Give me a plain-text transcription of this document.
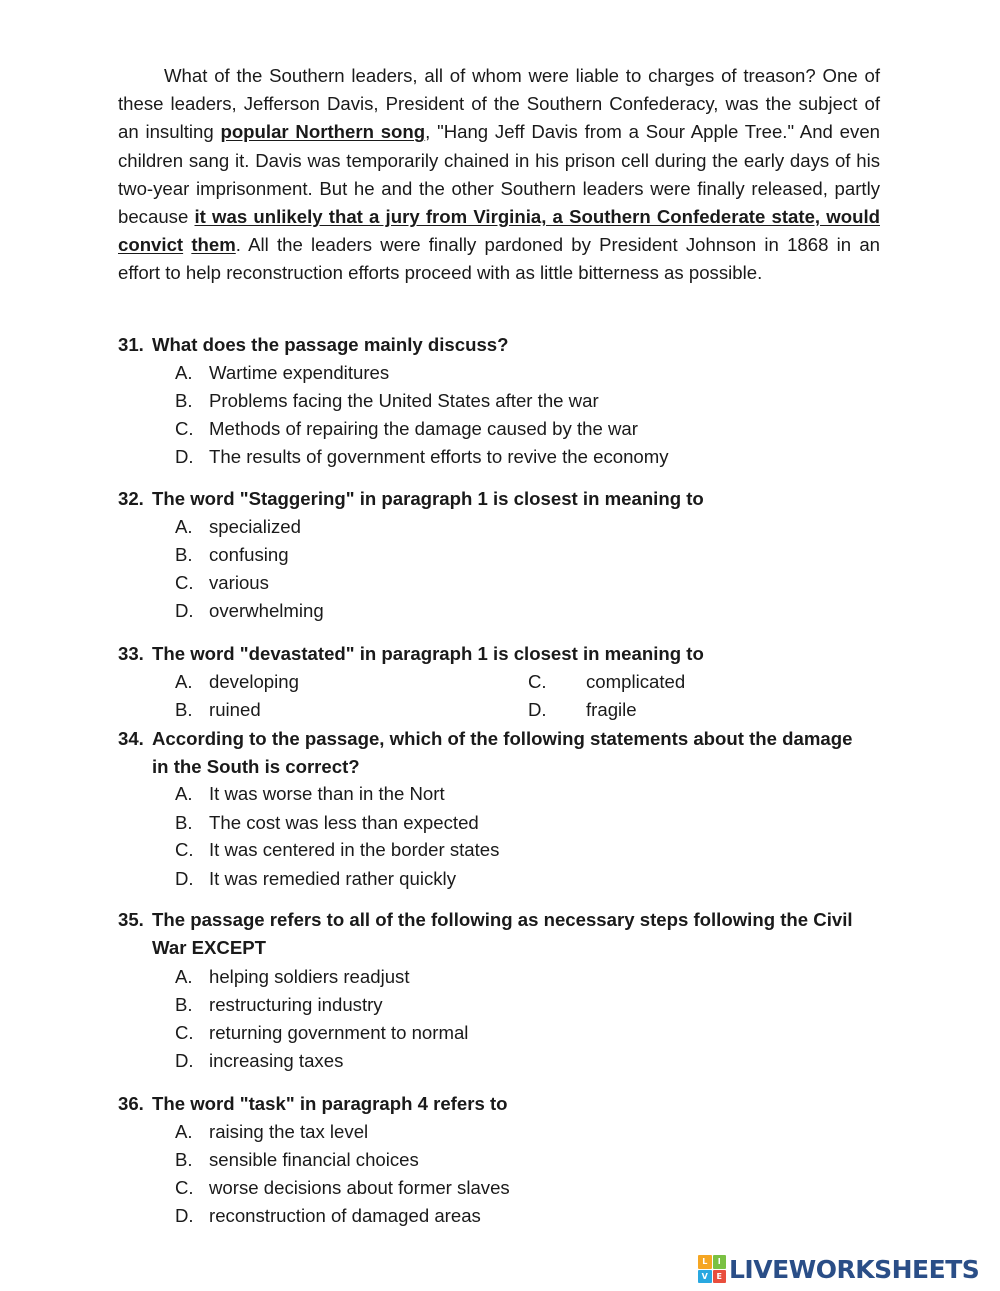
What of the Southern leaders, all of whom were liable to charges of treason? One of these leaders, Jefferson Davis, President of the Southern Confederacy, was the subject of an insulting popular Northern song, "Hang Jeff Davis from a Sour Apple Tree." And even children sang it. Davis was temporarily chained in his prison cell during the early days of his two-year imprisonment. But he and the other Southern leaders were finally released, partly because it was unlikely that a jury from Virginia, a Southern Confederate state, would convict them. All the leaders were finally pardoned by President Johnson in 1868 in an effort to help reconstruction efforts proceed with as little bitterness as possible.

31. What does the passage mainly discuss?
A. Wartime expenditures
B. Problems facing the United States after the war
C. Methods of repairing the damage caused by the war
D. The results of government efforts to revive the economy
32. The word "Staggering" in paragraph 1 is closest in meaning to
A. specialized
B. confusing
C. various
D. overwhelming
33. The word "devastated" in paragraph 1 is closest in meaning to
A. developing
B. ruined
C. complicated
D. fragile
34. According to the passage, which of the following statements about the damage in the South is correct?
A. It was worse than in the Nort
B. The cost was less than expected
C. It was centered in the border states
D. It was remedied rather quickly
35. The passage refers to all of the following as necessary steps following the Civil War EXCEPT
A. helping soldiers readjust
B. restructuring industry
C. returning government to normal
D. increasing taxes
36. The word "task" in paragraph 4 refers to
A. raising the tax level
B. sensible financial choices
C. worse decisions about former slaves
D. reconstruction of damaged areas
L	I
V	E LIVEWORKSHEETS
